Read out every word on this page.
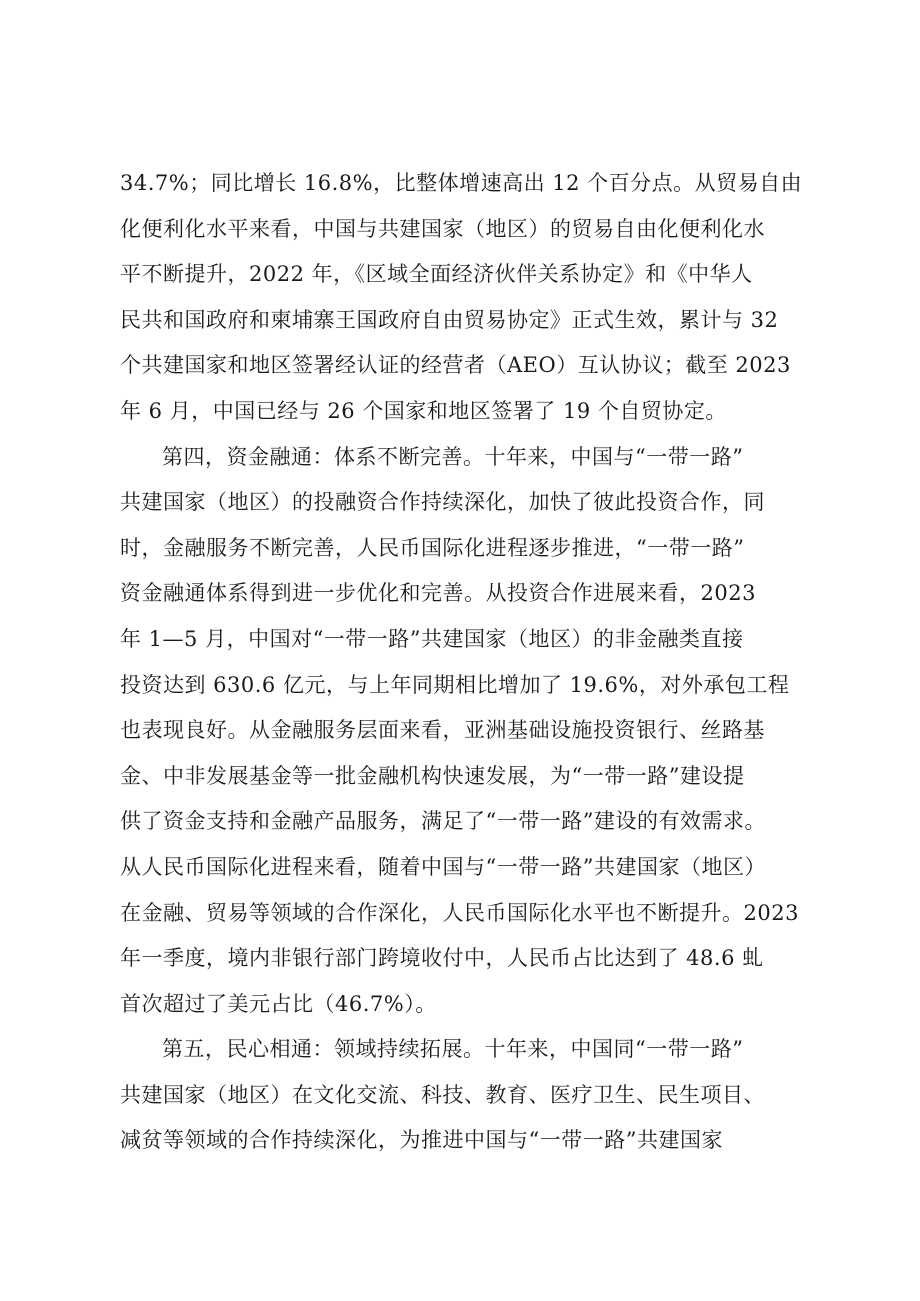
34.7%；同比增长 16.8%，比整体增速高出 12 个百分点。从贸易自由
化便利化水平来看，中国与共建国家（地区）的贸易自由化便利化水
平不断提升，2022 年，《区域全面经济伙伴关系协定》和《中华人
民共和国政府和柬埔寨王国政府自由贸易协定》正式生效，累计与 32
个共建国家和地区签署经认证的经营者（AEO）互认协议；截至 2023
年 6 月，中国已经与 26 个国家和地区签署了 19 个自贸协定。
第四，资金融通：体系不断完善。十年来，中国与“一带一路”
共建国家（地区）的投融资合作持续深化，加快了彼此投资合作，同
时，金融服务不断完善，人民币国际化进程逐步推进，“一带一路”
资金融通体系得到进一步优化和完善。从投资合作进展来看，2023
年 1—5 月，中国对“一带一路”共建国家（地区）的非金融类直接
投资达到 630.6 亿元，与上年同期相比增加了 19.6%，对外承包工程
也表现良好。从金融服务层面来看，亚洲基础设施投资银行、丝路基
金、中非发展基金等一批金融机构快速发展，为“一带一路”建设提
供了资金支持和金融产品服务，满足了“一带一路”建设的有效需求。
从人民币国际化进程来看，随着中国与“一带一路”共建国家（地区）
在金融、贸易等领域的合作深化，人民币国际化水平也不断提升。2023
年一季度，境内非银行部门跨境收付中，人民币占比达到了 48.6 虬
首次超过了美元占比（46.7%）。
第五，民心相通：领域持续拓展。十年来，中国同“一带一路”
共建国家（地区）在文化交流、科技、教育、医疗卫生、民生项目、
减贫等领域的合作持续深化，为推进中国与“一带一路”共建国家
